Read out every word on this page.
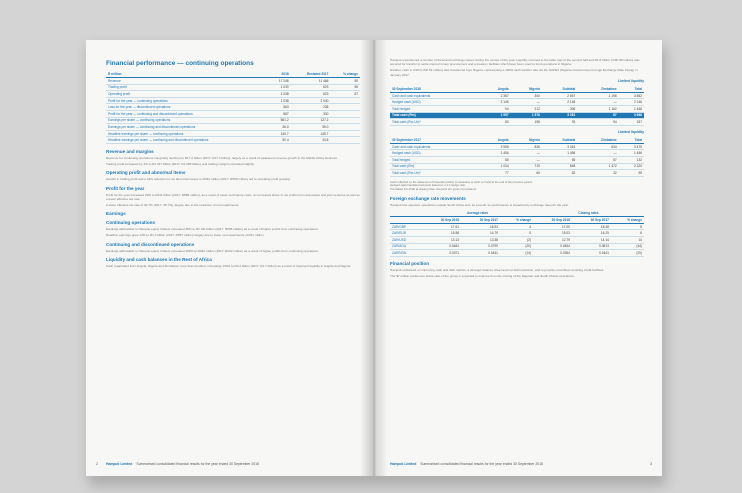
Financial performance — continuing operations
R million	2018	Restated 2017	% change
Revenue	17 246	11 466	50
Trading profit	1 030	623	65
Operating profit	1 038	623	67
Profit for the year — continuing operations	1 038	2 040	
Loss for the year — discontinued operations	563	238	
Profit for the year — continuing and discontinued operations	587	330	
Earnings per share — continuing operations	561.2	127.2	
Earnings per share — continuing and discontinued operations	36.0	55.0	
Headline earnings per share — continuing operations	149.7	145.7	
Headline earnings per share — continuing and discontinued operations	50.4	43.8	
Revenue and margins

Revenue for continuing operations marginally declined to R17.2 billion (2017: R17.4 billion), largely as a result of weakened revenue growth in the Middle Africa business.

Trading profit increased by 3% to R1 317 billion (2017: R1 285 billion) and trading margins increased slightly.

Operating profit and abnormal items

Growth in trading profit and a 33% reduction in net abnormal losses to R442 million (2017: R658 million) led to operating profit growing.

Profit for the year

Profit for the year increased 29% to R311 billion (2017: R886 million), as a result of lower net finance costs, an increased share of net profits from associates and joint ventures as well as a lower effective tax rate.

A lower effective tax rate of 30.7% (2017: 35.7%), largely due to the reduction of net impairments.

Earnings
Continuing operations

Earnings attributable to Hampok equity holders increased 38% to R1 311 billion (2017: R958 million) as a result of higher profits from continuing operations.

Headline earnings grew 14% to R1 3 billion (2017: R957 million) largely due to lower net impairments of R11 million.

Continuing and discontinued operations

Earnings attributable to Hampok equity holders increased 109% to R464 million (2017: R222 million) as a result of higher profits from continuing operations.

Liquidity and cash balances in the Rest of Africa

Cash repatriated from Angola, Nigeria and Zimbabwe more than doubled, increasing 130% to R3.4 billion (2017: R1.7 billion) as a result of improved liquidity in Angola and Nigeria.

Hampok Limited Summarised consolidated financial results for the year ended 30 September 2018
2

Hampok experienced a number of fiscal and exchange issues during the course of the year. Liquidity returned to the latter part of the second half and R1.8 billion (USD 80 million) was secured for transfer to settle internal Group procurement and a treasury facilities which have been used to fund operations in Nigeria.

Nitrobel, cash in USD (USD 81 million) was transferred from Nigeria, representing a 100% cash transfer rate via the NAFEX (Nigerian Autonomous Foreign Exchange Rate Fixing) in January 2017.

Limited liquidity
30 September 2018	Angola	Nigeria	Subtotal	Zimbabwe	Total
Cash and cash equivalents	2 357	300	2 657	1 195	3 852
Hedged cash (USD)	2 146	—	2 146	—	2 146
Total hedged	94	212	306	1 162	1 468
Total cash (Rm)	1 957	1 576	3 081	87	3 668
Total cash (Rm-Un)*	83	198	93	94	187
Limited liquidity
30 September 2017	Angola	Nigeria	Subtotal	Zimbabwe	Total
Cash and cash equivalents	2 556	826	3 315	634	3 475
Hedged cash (USD)	1 456	—	1 456	—	1 456
Total hedged	65	—	65	67	132
Total cash (Rm)	1 034	719	848	1 472	2 320
Total cash (Rm-Un)*	77	65	82	32	95

Cash reflected on the statement of financial position comparative to cash on hand at the end of the previous period.

Hedged cash translated amounts based on a 1:1 hedge ratio.

Translated into USD at closing rates. Amounts are gross of provisions.

Foreign exchange rate movements

Hampok has selective operations outside South Africa and, as a result, its performance is impacted by exchange rates for the year.

	Average rates			Closing rates		
	30 Sep 2018	30 Sep 2017	% change	30 Sep 2018	30 Sep 2017	% change
ZAR/GBP	17.61	16.93	4	17.00	18.48	8
ZAR/EUR	15.58	14.79	5	15.03	16.25	8
ZAR/USD	13.13	13.38	(2)	12.79	14.14	10
ZAR/AOA	0.0641	0.0799	(20)	0.0454	0.0813	(44)
ZAR/NGN	0.0371	0.0431	(14)	0.0354	0.0441	(20)
Financial position

Hampok embarked on improving cash and debt metrics, a stronger balance sheet and net debt reduction, and to provide committed revolving credit facilities.

The $7 million preference share ratio of the group is expected to improve from the closing of the Nigerian and South African operations.

Hampok Limited Summarised consolidated financial results for the year ended 30 September 2018	3
